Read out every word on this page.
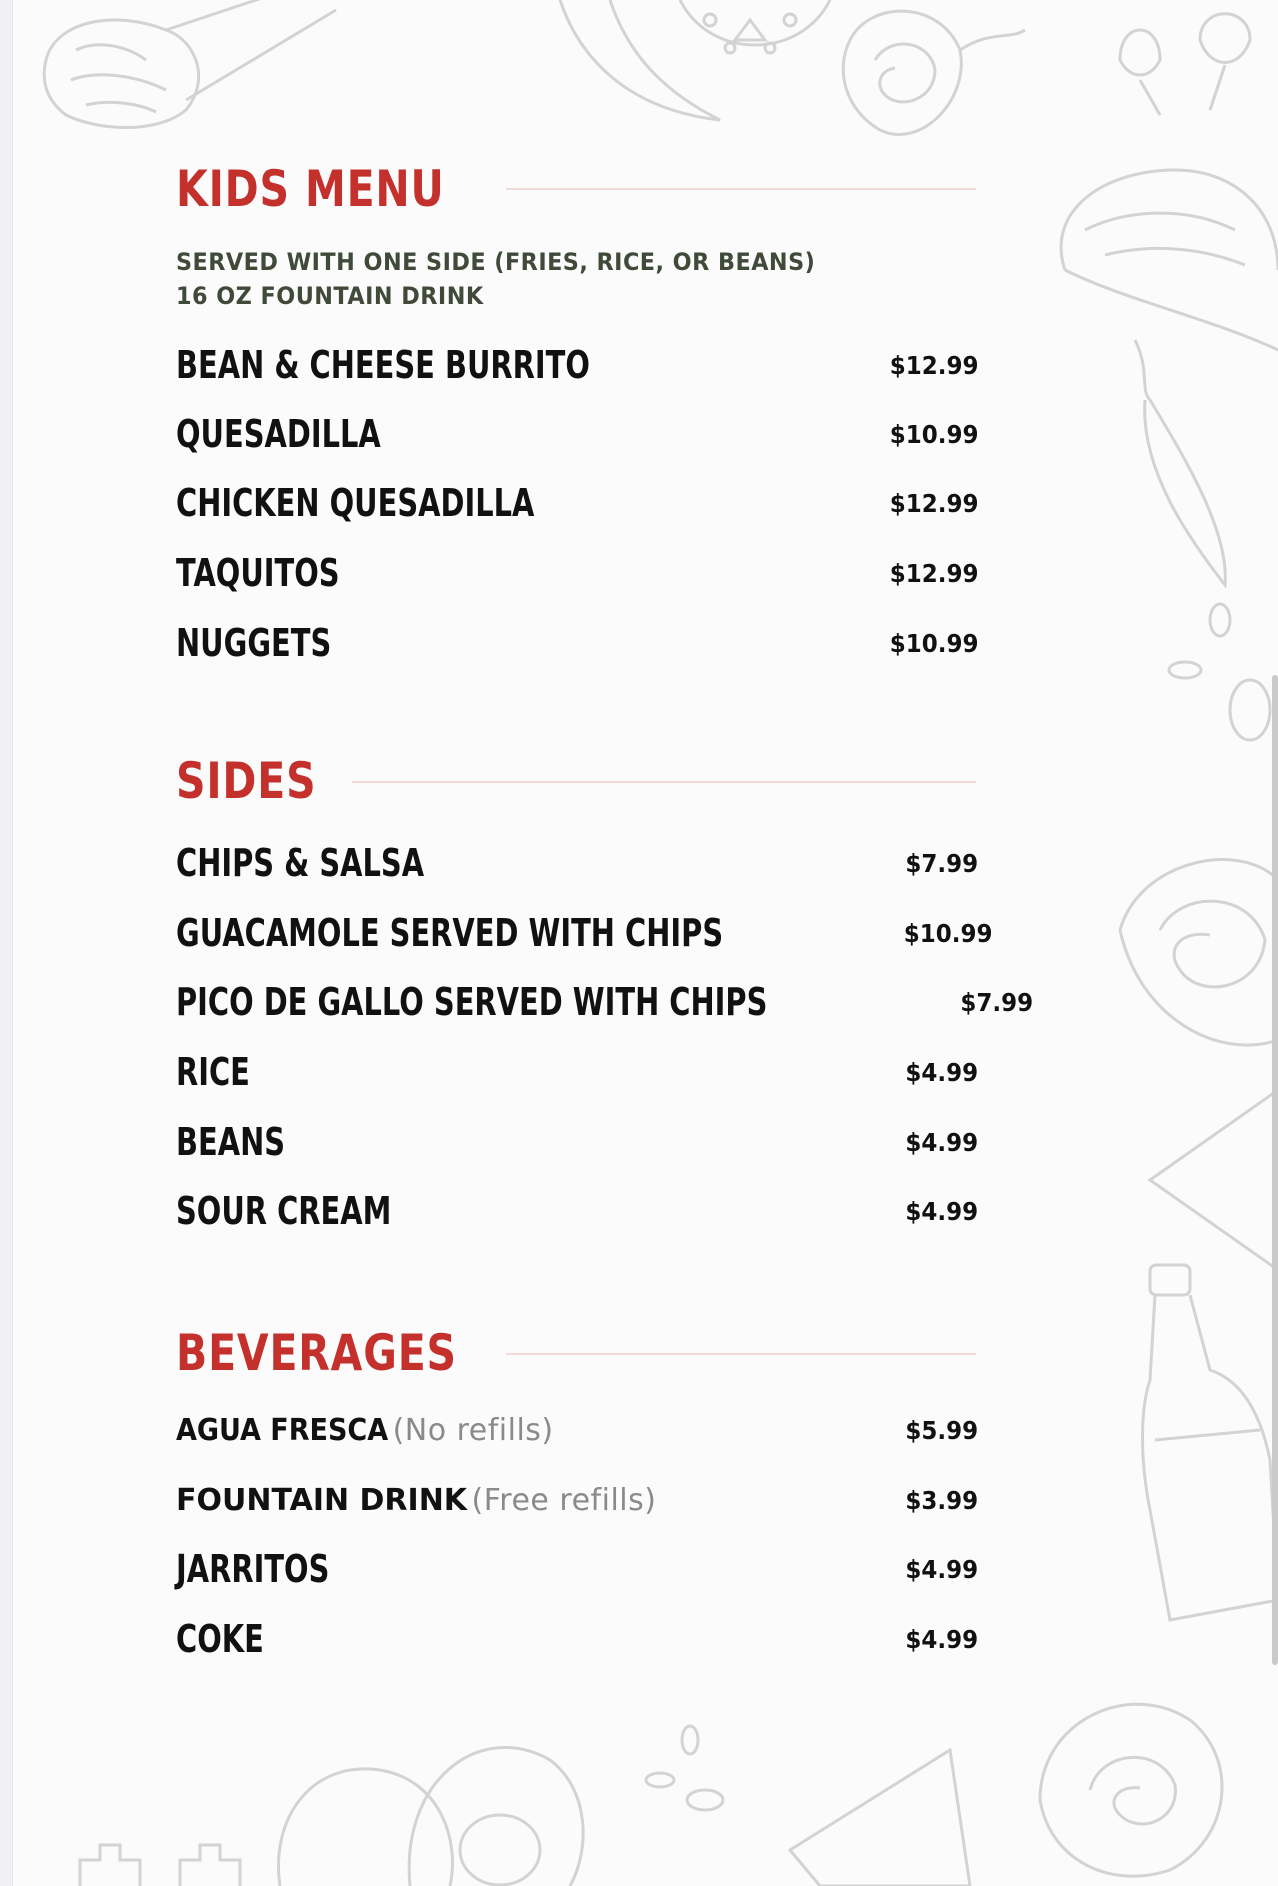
KIDS MENU
SERVED WITH ONE SIDE (FRIES, RICE, OR BEANS)
16 OZ FOUNTAIN DRINK
BEAN & CHEESE BURRITO	$12.99
QUESADILLA	$10.99
CHICKEN QUESADILLA	$12.99
TAQUITOS	$12.99
NUGGETS	$10.99
SIDES
CHIPS & SALSA	$7.99
GUACAMOLE SERVED WITH CHIPS	$10.99
PICO DE GALLO SERVED WITH CHIPS	$7.99
RICE	$4.99
BEANS	$4.99
SOUR CREAM	$4.99
BEVERAGES
AGUA FRESCA (No refills)	$5.99
FOUNTAIN DRINK (Free refills)	$3.99
JARRITOS	$4.99
COKE	$4.99
